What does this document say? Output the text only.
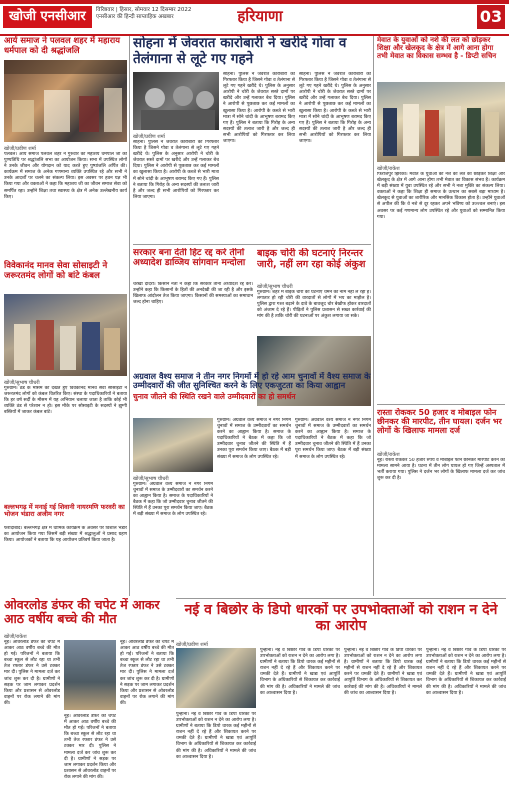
खोजी एनसीआर	विरिष्ठवार | हिसार, सोमवार 12 दिसम्बर 2022
एनसीआर की हिन्दी साप्ताहिक अखबार	हरियाणा	03
आर्य समाज ने पलवल शहर में महाराय धर्मपाल को दी श्रद्धांजलि
खोजी/प्रवीण शर्मा
पलवल। आर्य समाज पलवल शहर ने गुरुवार को महाशय धर्मपाल जी की पुण्यतिथि पर श्रद्धांजलि सभा का आयोजन किया। सभा में उपस्थित लोगों ने उनके जीवन और योगदान को याद करते हुए पुष्पांजलि अर्पित की। कार्यक्रम में समाज के अनेक गणमान्य व्यक्ति उपस्थित रहे और सभी ने उनके आदर्शों पर चलने का संकल्प लिया। इस अवसर पर हवन यज्ञ भी किया गया और वक्ताओं ने कहा कि महाशय जी का जीवन समाज सेवा को समर्पित रहा। उन्होंने शिक्षा तथा स्वास्थ्य के क्षेत्र में अनेक उल्लेखनीय कार्य किए।
विवेकानंद मानव सेवा सोसाइटी ने जरूरतमंद लोगों को बांटे कंबल
खोजी/सुभाष चौधरी
गुरुग्राम। ठंड के मौसम को देखते हुए विवेकानंद मानव सेवा सोसाइटी ने जरूरतमंद लोगों को कंबल वितरित किए। संस्था के पदाधिकारियों ने बताया कि हर वर्ष सर्दी के मौसम में यह अभियान चलाया जाता है ताकि कोई भी व्यक्ति ठंड से परेशान न हो। इस मौके पर सोसाइटी के सदस्यों ने झुग्गी बस्तियों में जाकर कंबल बांटे।
बल्लभगढ़ में मनाई गई शिवानी नायरमणि फरवरी का भोजन भंडारा अजीम नगर
फरीदाबाद। बल्लभगढ़ क्षेत्र में धार्मिक कार्यक्रम के अवसर पर विशाल भंडारे का आयोजन किया गया जिसमें बड़ी संख्या में श्रद्धालुओं ने प्रसाद ग्रहण किया। आयोजकों ने बताया कि यह आयोजन प्रतिवर्ष किया जाता है।
ओवरलोड डंफर की चपेट में आकर आठ वर्षीय बच्चे की मौत
खोजी/राकेश
नूंह। ओवरलोड डंफर की चपेट में आकर आठ वर्षीय बच्चे की मौत हो गई। परिजनों ने बताया कि बच्चा स्कूल से लौट रहा था तभी तेज रफ्तार डंफर ने उसे टक्कर मार दी। पुलिस ने मामला दर्ज कर जांच शुरू कर दी है। ग्रामीणों ने सड़क पर जाम लगाकर प्रदर्शन किया और प्रशासन से ओवरलोड वाहनों पर रोक लगाने की मांग की।
नूंह। ओवरलोड डंफर की चपेट में आकर आठ वर्षीय बच्चे की मौत हो गई। परिजनों ने बताया कि बच्चा स्कूल से लौट रहा था तभी तेज रफ्तार डंफर ने उसे टक्कर मार दी। पुलिस ने मामला दर्ज कर जांच शुरू कर दी है। ग्रामीणों ने सड़क पर जाम लगाकर प्रदर्शन किया और प्रशासन से ओवरलोड वाहनों पर रोक लगाने की मांग की।
नूंह। ओवरलोड डंफर की चपेट में आकर आठ वर्षीय बच्चे की मौत हो गई। परिजनों ने बताया कि बच्चा स्कूल से लौट रहा था तभी तेज रफ्तार डंफर ने उसे टक्कर मार दी। पुलिस ने मामला दर्ज कर जांच शुरू कर दी है। ग्रामीणों ने सड़क पर जाम लगाकर प्रदर्शन किया और प्रशासन से ओवरलोड वाहनों पर रोक लगाने की मांग की।
सोहना में जेवरात कारोबारी ने खरीदे गोवा व तेलंगाना से लूटे गए गहने
खोजी/प्रवीण शर्मा
सोहना। पुलिस ने जेवरात कारोबारी को गिरफ्तार किया है जिसने गोवा व तेलंगाना से लूटे गए गहने खरीदे थे। पुलिस के अनुसार आरोपी ने चोरी के जेवरात सस्ते दामों पर खरीदे और उन्हें गलाकर बेच दिया। पुलिस ने आरोपी से पूछताछ कर कई मामलों का खुलासा किया है। आरोपी के कब्जे से भारी मात्रा में सोने चांदी के आभूषण बरामद किए गए हैं। पुलिस ने बताया कि गिरोह के अन्य सदस्यों की तलाश जारी है और जल्द ही सभी आरोपियों को गिरफ्तार कर लिया जाएगा।
सोहना। पुलिस ने जेवरात कारोबारी को गिरफ्तार किया है जिसने गोवा व तेलंगाना से लूटे गए गहने खरीदे थे। पुलिस के अनुसार आरोपी ने चोरी के जेवरात सस्ते दामों पर खरीदे और उन्हें गलाकर बेच दिया। पुलिस ने आरोपी से पूछताछ कर कई मामलों का खुलासा किया है। आरोपी के कब्जे से भारी मात्रा में सोने चांदी के आभूषण बरामद किए गए हैं। पुलिस ने बताया कि गिरोह के अन्य सदस्यों की तलाश जारी है और जल्द ही सभी आरोपियों को गिरफ्तार कर लिया जाएगा।
सोहना। पुलिस ने जेवरात कारोबारी को गिरफ्तार किया है जिसने गोवा व तेलंगाना से लूटे गए गहने खरीदे थे। पुलिस के अनुसार आरोपी ने चोरी के जेवरात सस्ते दामों पर खरीदे और उन्हें गलाकर बेच दिया। पुलिस ने आरोपी से पूछताछ कर कई मामलों का खुलासा किया है। आरोपी के कब्जे से भारी मात्रा में सोने चांदी के आभूषण बरामद किए गए हैं। पुलिस ने बताया कि गिरोह के अन्य सदस्यों की तलाश जारी है और जल्द ही सभी आरोपियों को गिरफ्तार कर लिया जाएगा।
सरकार बना देती हिट रद्द करे तीनों अध्यादेश डाव्जिय सांगवान मन्दोला
चरखी दादरी। किसान नेता ने कहा कि सरकार तीनों अध्यादेश रद्द करे। उन्होंने कहा कि किसानों के हितों की अनदेखी की जा रही है और इसके खिलाफ आंदोलन तेज किया जाएगा। किसानों की समस्याओं का समाधान जल्द होना चाहिए।
बाइक चोरी की घटनाएं निरन्तर जारी, नहीं लग रहा कोई अंकुश
खोजी/सुभाष चौधरी
गुरुग्राम। शहर में बाइक चोरी की घटनाएं थमने का नाम नहीं ले रही हैं। लगातार हो रही चोरी की वारदातों से लोगों में भय का माहौल है। पुलिस द्वारा गश्त बढ़ाने के दावे के बावजूद चोर बेखौफ होकर वारदातों को अंजाम दे रहे हैं। पीड़ितों ने पुलिस प्रशासन से सख्त कार्रवाई की मांग की है ताकि चोरी की घटनाओं पर अंकुश लगाया जा सके।
अग्रवाल वैश्य समाज ने तीन नगर निगमों में हो रहे आम चुनावों में वैश्य समाज के उम्मीदवारों की जीत सुनिश्चित करने के लिए एकजुटता का किया आह्वान
चुनाव जीतने की स्थिति रखने वाले उम्मीदवारों का हो समर्थन
खोजी/सुभाष चौधरी
गुरुग्राम। अग्रवाल वैश्य समाज ने नगर निगम चुनावों में समाज के उम्मीदवारों का समर्थन करने का आह्वान किया है। समाज के पदाधिकारियों ने बैठक में कहा कि जो उम्मीदवार चुनाव जीतने की स्थिति में हैं उनका पूरा समर्थन किया जाए। बैठक में बड़ी संख्या में समाज के लोग उपस्थित रहे।
गुरुग्राम। अग्रवाल वैश्य समाज ने नगर निगम चुनावों में समाज के उम्मीदवारों का समर्थन करने का आह्वान किया है। समाज के पदाधिकारियों ने बैठक में कहा कि जो उम्मीदवार चुनाव जीतने की स्थिति में हैं उनका पूरा समर्थन किया जाए। बैठक में बड़ी संख्या में समाज के लोग उपस्थित रहे।
गुरुग्राम। अग्रवाल वैश्य समाज ने नगर निगम चुनावों में समाज के उम्मीदवारों का समर्थन करने का आह्वान किया है। समाज के पदाधिकारियों ने बैठक में कहा कि जो उम्मीदवार चुनाव जीतने की स्थिति में हैं उनका पूरा समर्थन किया जाए। बैठक में बड़ी संख्या में समाज के लोग उपस्थित रहे।
नई व बिछोर के डिपो धारकों पर उपभोक्ताओं को राशन न देने का आरोप
खोजी/प्रवीण शर्मा
पुन्हाना। नई व बिछोर गांव के डिपो धारकों पर उपभोक्ताओं को राशन न देने का आरोप लगा है। ग्रामीणों ने बताया कि डिपो धारक कई महीनों से राशन नहीं दे रहे हैं और शिकायत करने पर धमकी देते हैं। ग्रामीणों ने खाद्य एवं आपूर्ति विभाग के अधिकारियों से शिकायत कर कार्रवाई की मांग की है। अधिकारियों ने मामले की जांच का आश्वासन दिया है।
पुन्हाना। नई व बिछोर गांव के डिपो धारकों पर उपभोक्ताओं को राशन न देने का आरोप लगा है। ग्रामीणों ने बताया कि डिपो धारक कई महीनों से राशन नहीं दे रहे हैं और शिकायत करने पर धमकी देते हैं। ग्रामीणों ने खाद्य एवं आपूर्ति विभाग के अधिकारियों से शिकायत कर कार्रवाई की मांग की है। अधिकारियों ने मामले की जांच का आश्वासन दिया है।
पुन्हाना। नई व बिछोर गांव के डिपो धारकों पर उपभोक्ताओं को राशन न देने का आरोप लगा है। ग्रामीणों ने बताया कि डिपो धारक कई महीनों से राशन नहीं दे रहे हैं और शिकायत करने पर धमकी देते हैं। ग्रामीणों ने खाद्य एवं आपूर्ति विभाग के अधिकारियों से शिकायत कर कार्रवाई की मांग की है। अधिकारियों ने मामले की जांच का आश्वासन दिया है।
पुन्हाना। नई व बिछोर गांव के डिपो धारकों पर उपभोक्ताओं को राशन न देने का आरोप लगा है। ग्रामीणों ने बताया कि डिपो धारक कई महीनों से राशन नहीं दे रहे हैं और शिकायत करने पर धमकी देते हैं। ग्रामीणों ने खाद्य एवं आपूर्ति विभाग के अधिकारियों से शिकायत कर कार्रवाई की मांग की है। अधिकारियों ने मामले की जांच का आश्वासन दिया है।
मेवात के युवाओं को नशे की लत को छोड़कर शिक्षा और खेलकूद के क्षेत्र में आगे आना होगा तभी मेवात का विकास सम्भव है - डिप्टी सचिन
खोजी/राकेश
फिरोजपुर झिरका। मेवात के युवाओं को नशे की लत को छोड़कर शिक्षा और खेलकूद के क्षेत्र में आगे आना होगा तभी मेवात का विकास संभव है। कार्यक्रम में बड़ी संख्या में युवा उपस्थित रहे और सभी ने नशा मुक्ति का संकल्प लिया। वक्ताओं ने कहा कि शिक्षा ही समाज के उत्थान का सबसे बड़ा माध्यम है। खेलकूद से युवाओं का शारीरिक और मानसिक विकास होता है। उन्होंने युवाओं से अपील की कि वे नशे से दूर रहकर अपने भविष्य को उज्ज्वल बनाएं। इस अवसर पर कई गणमान्य लोग उपस्थित रहे और युवाओं को सम्मानित किया गया।
रास्ता रोककर 50 हजार व मोबाइल फोन छीनकर की मारपीट, तीन घायल। दर्जन भर लोगों के खिलाफ मामला दर्ज
खोजी/राकेश
नूंह। रास्ता रोककर 50 हजार रुपये व मोबाइल फोन छीनकर मारपीट करने का मामला सामने आया है। घटना में तीन लोग घायल हो गए जिन्हें अस्पताल में भर्ती कराया गया। पुलिस ने दर्जन भर लोगों के खिलाफ मामला दर्ज कर जांच शुरू कर दी है।
